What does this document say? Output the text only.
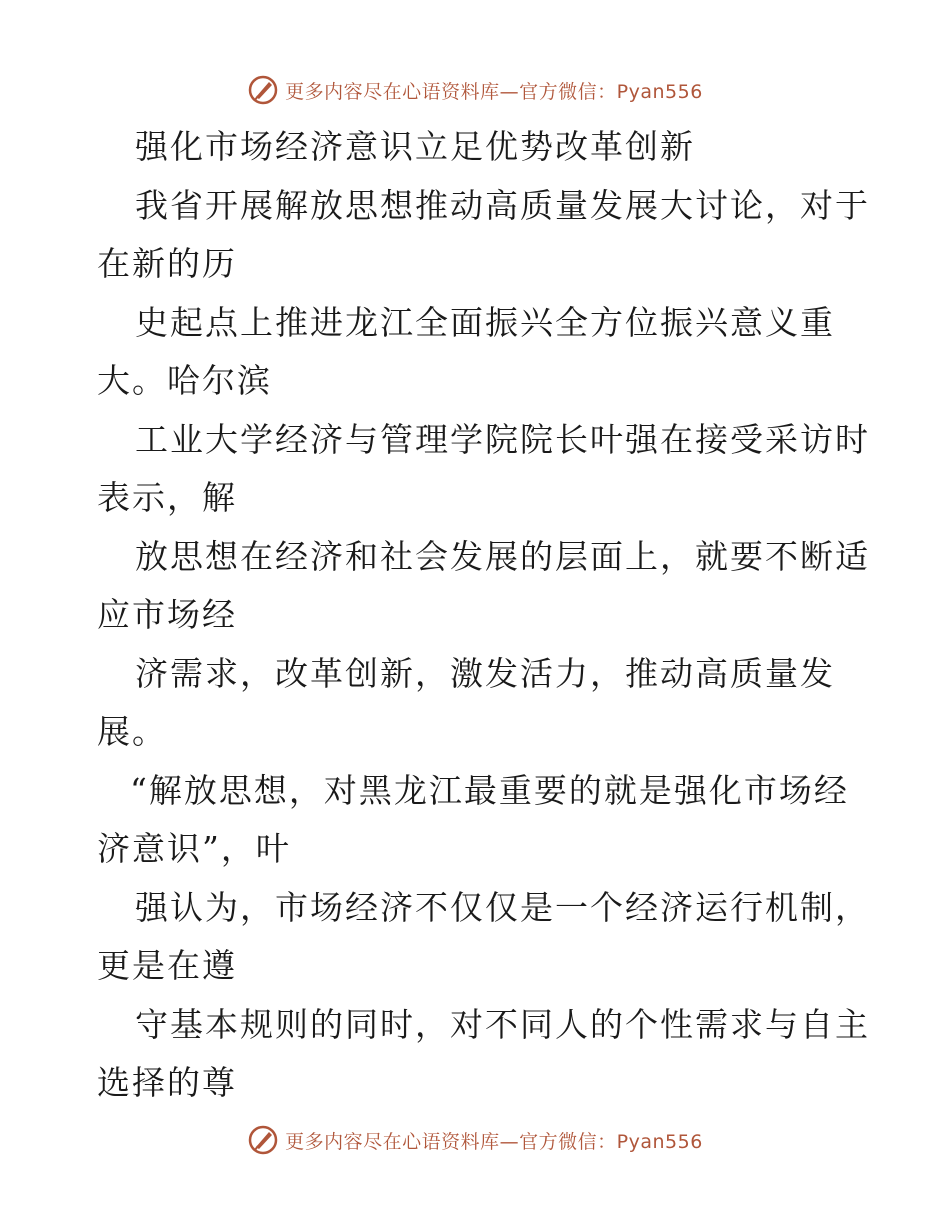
更多内容尽在心语资料库—官方微信：Pyan556
强化市场经济意识立足优势改革创新
我省开展解放思想推动高质量发展大讨论，对于
在新的历
史起点上推进龙江全面振兴全方位振兴意义重
大。哈尔滨
工业大学经济与管理学院院长叶强在接受采访时
表示，解
放思想在经济和社会发展的层面上，就要不断适
应市场经
济需求，改革创新，激发活力，推动高质量发
展。
“解放思想，对黑龙江最重要的就是强化市场经
济意识”，叶
强认为，市场经济不仅仅是一个经济运行机制，
更是在遵
守基本规则的同时，对不同人的个性需求与自主
选择的尊
更多内容尽在心语资料库—官方微信：Pyan556
